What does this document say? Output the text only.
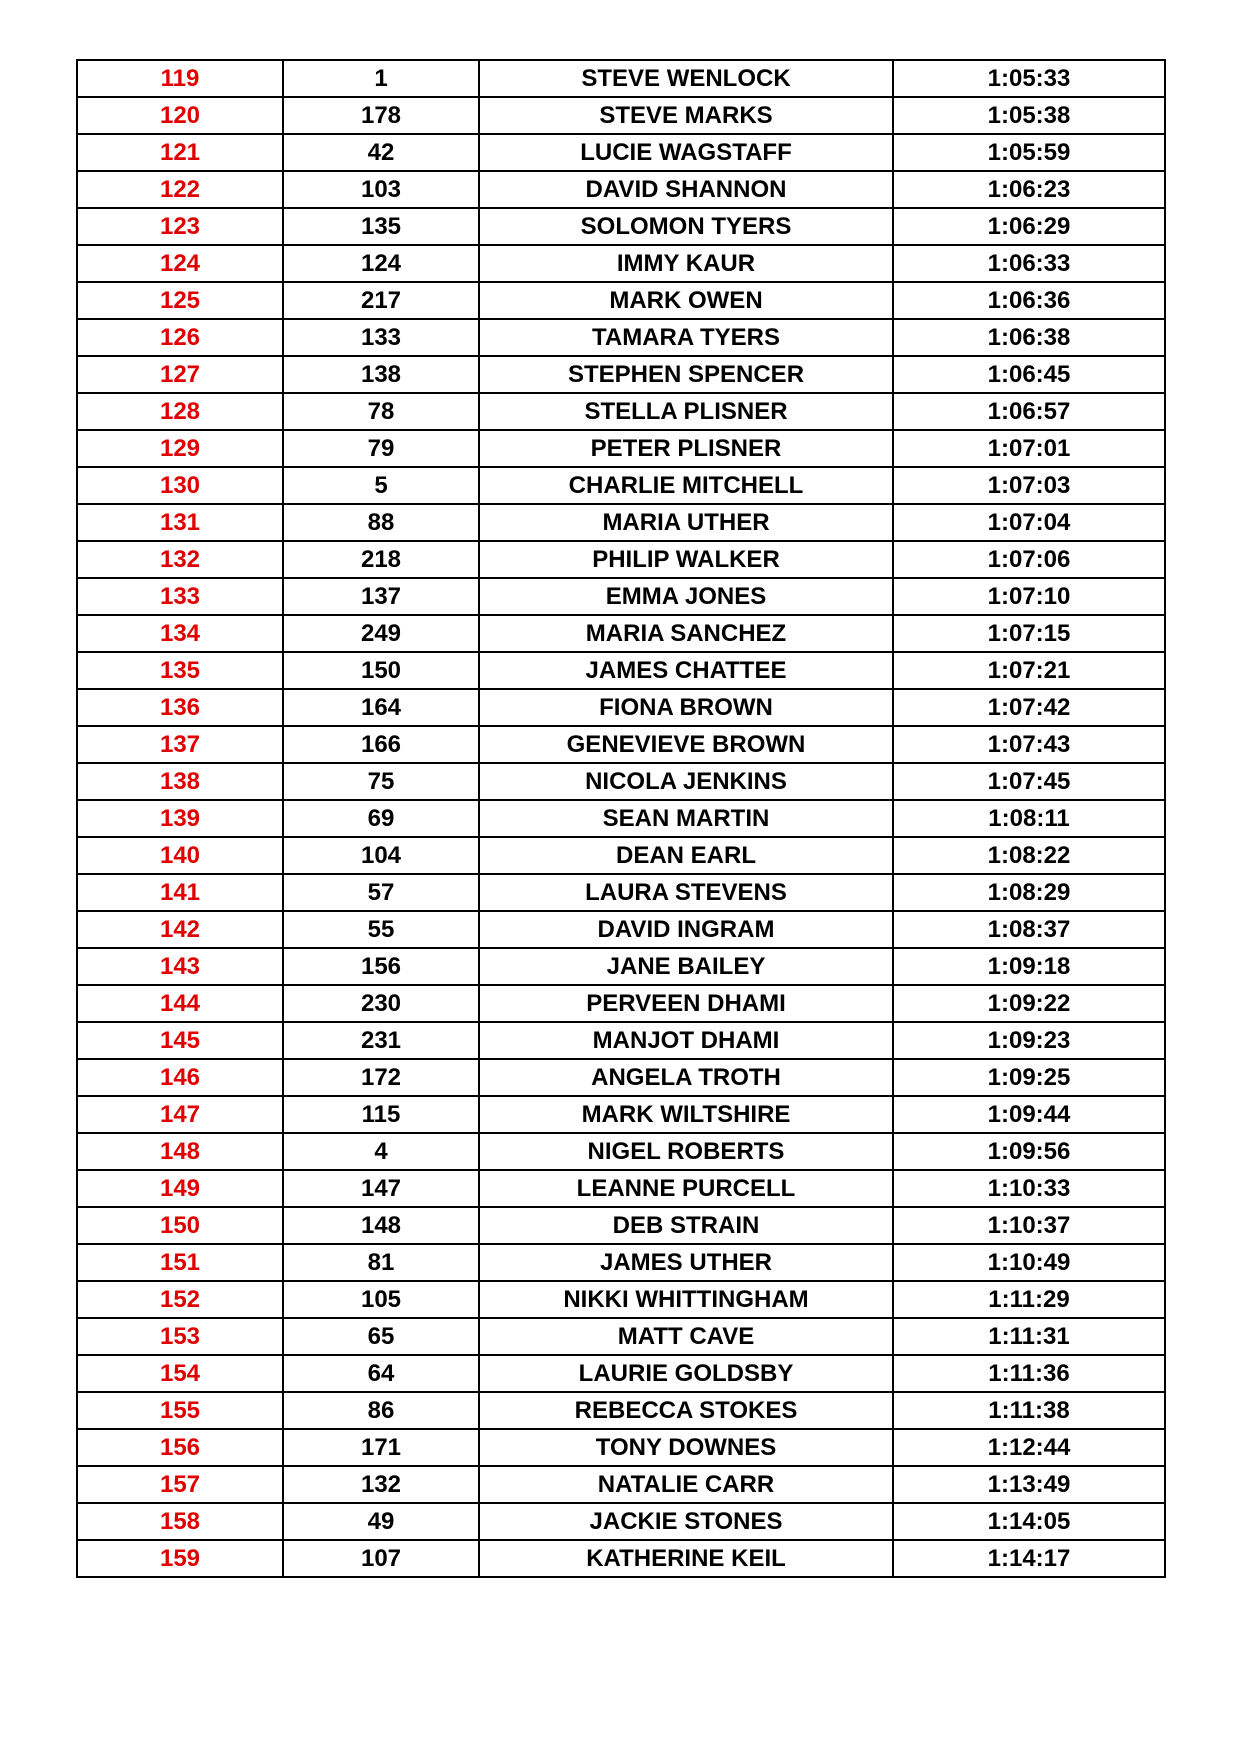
119	1	STEVE WENLOCK	1:05:33
120	178	STEVE MARKS	1:05:38
121	42	LUCIE WAGSTAFF	1:05:59
122	103	DAVID SHANNON	1:06:23
123	135	SOLOMON TYERS	1:06:29
124	124	IMMY KAUR	1:06:33
125	217	MARK OWEN	1:06:36
126	133	TAMARA TYERS	1:06:38
127	138	STEPHEN SPENCER	1:06:45
128	78	STELLA PLISNER	1:06:57
129	79	PETER PLISNER	1:07:01
130	5	CHARLIE MITCHELL	1:07:03
131	88	MARIA UTHER	1:07:04
132	218	PHILIP WALKER	1:07:06
133	137	EMMA JONES	1:07:10
134	249	MARIA SANCHEZ	1:07:15
135	150	JAMES CHATTEE	1:07:21
136	164	FIONA BROWN	1:07:42
137	166	GENEVIEVE BROWN	1:07:43
138	75	NICOLA JENKINS	1:07:45
139	69	SEAN MARTIN	1:08:11
140	104	DEAN EARL	1:08:22
141	57	LAURA STEVENS	1:08:29
142	55	DAVID INGRAM	1:08:37
143	156	JANE BAILEY	1:09:18
144	230	PERVEEN DHAMI	1:09:22
145	231	MANJOT DHAMI	1:09:23
146	172	ANGELA TROTH	1:09:25
147	115	MARK WILTSHIRE	1:09:44
148	4	NIGEL ROBERTS	1:09:56
149	147	LEANNE PURCELL	1:10:33
150	148	DEB STRAIN	1:10:37
151	81	JAMES UTHER	1:10:49
152	105	NIKKI WHITTINGHAM	1:11:29
153	65	MATT CAVE	1:11:31
154	64	LAURIE GOLDSBY	1:11:36
155	86	REBECCA STOKES	1:11:38
156	171	TONY DOWNES	1:12:44
157	132	NATALIE CARR	1:13:49
158	49	JACKIE STONES	1:14:05
159	107	KATHERINE KEIL	1:14:17
